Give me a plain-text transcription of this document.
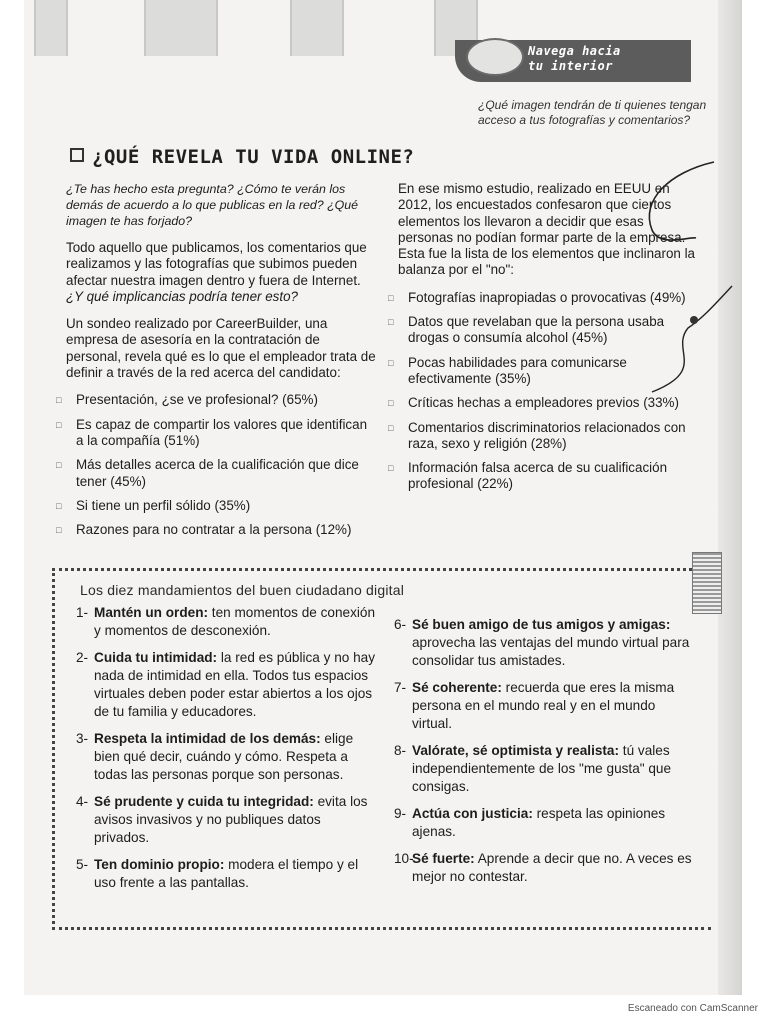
Navega hacia
tu interior
¿Qué imagen tendrán de ti quienes tengan acceso a tus fotografías y comentarios?
¿QUÉ REVELA TU VIDA ONLINE?

¿Te has hecho esta pregunta? ¿Cómo te verán los demás de acuerdo a lo que publicas en la red? ¿Qué imagen te has forjado?

Todo aquello que publicamos, los comentarios que realizamos y las fotografías que subimos pueden afectar nuestra imagen dentro y fuera de Internet. ¿Y qué implicancias podría tener esto?

Un sondeo realizado por CareerBuilder, una empresa de asesoría en la contratación de personal, revela qué es lo que el empleador trata de definir a través de la red acerca del candidato:

□ Presentación, ¿se ve profesional? (65%)
□ Es capaz de compartir los valores que identifican a la compañía (51%)
□ Más detalles acerca de la cualificación que dice tener (45%)
□ Si tiene un perfil sólido (35%)
□ Razones para no contratar a la persona (12%)

En ese mismo estudio, realizado en EEUU en 2012, los encuestados confesaron que ciertos elementos los llevaron a decidir que esas personas no podían formar parte de la empresa. Esta fue la lista de los elementos que inclinaron la balanza por el "no":

□ Fotografías inapropiadas o provocativas (49%)
□ Datos que revelaban que la persona usaba drogas o consumía alcohol (45%)
□ Pocas habilidades para comunicarse efectivamente (35%)
□ Críticas hechas a empleadores previos (33%)
□ Comentarios discriminatorios relacionados con raza, sexo y religión (28%)
□ Información falsa acerca de su cualificación profesional (22%)
Los diez mandamientos del buen ciudadano digital
1- Mantén un orden: ten momentos de conexión y momentos de desconexión.
2- Cuida tu intimidad: la red es pública y no hay nada de intimidad en ella. Todos tus espacios virtuales deben poder estar abiertos a los ojos de tu familia y educadores.
3- Respeta la intimidad de los demás: elige bien qué decir, cuándo y cómo. Respeta a todas las personas porque son personas.
4- Sé prudente y cuida tu integridad: evita los avisos invasivos y no publiques datos privados.
5- Ten dominio propio: modera el tiempo y el uso frente a las pantallas.
6- Sé buen amigo de tus amigos y amigas: aprovecha las ventajas del mundo virtual para consolidar tus amistades.
7- Sé coherente: recuerda que eres la misma persona en el mundo real y en el mundo virtual.
8- Valórate, sé optimista y realista: tú vales independientemente de los "me gusta" que consigas.
9- Actúa con justicia: respeta las opiniones ajenas.
10-
Sé fuerte: Aprende a decir que no. A veces es mejor no contestar.
Escaneado con CamScanner
